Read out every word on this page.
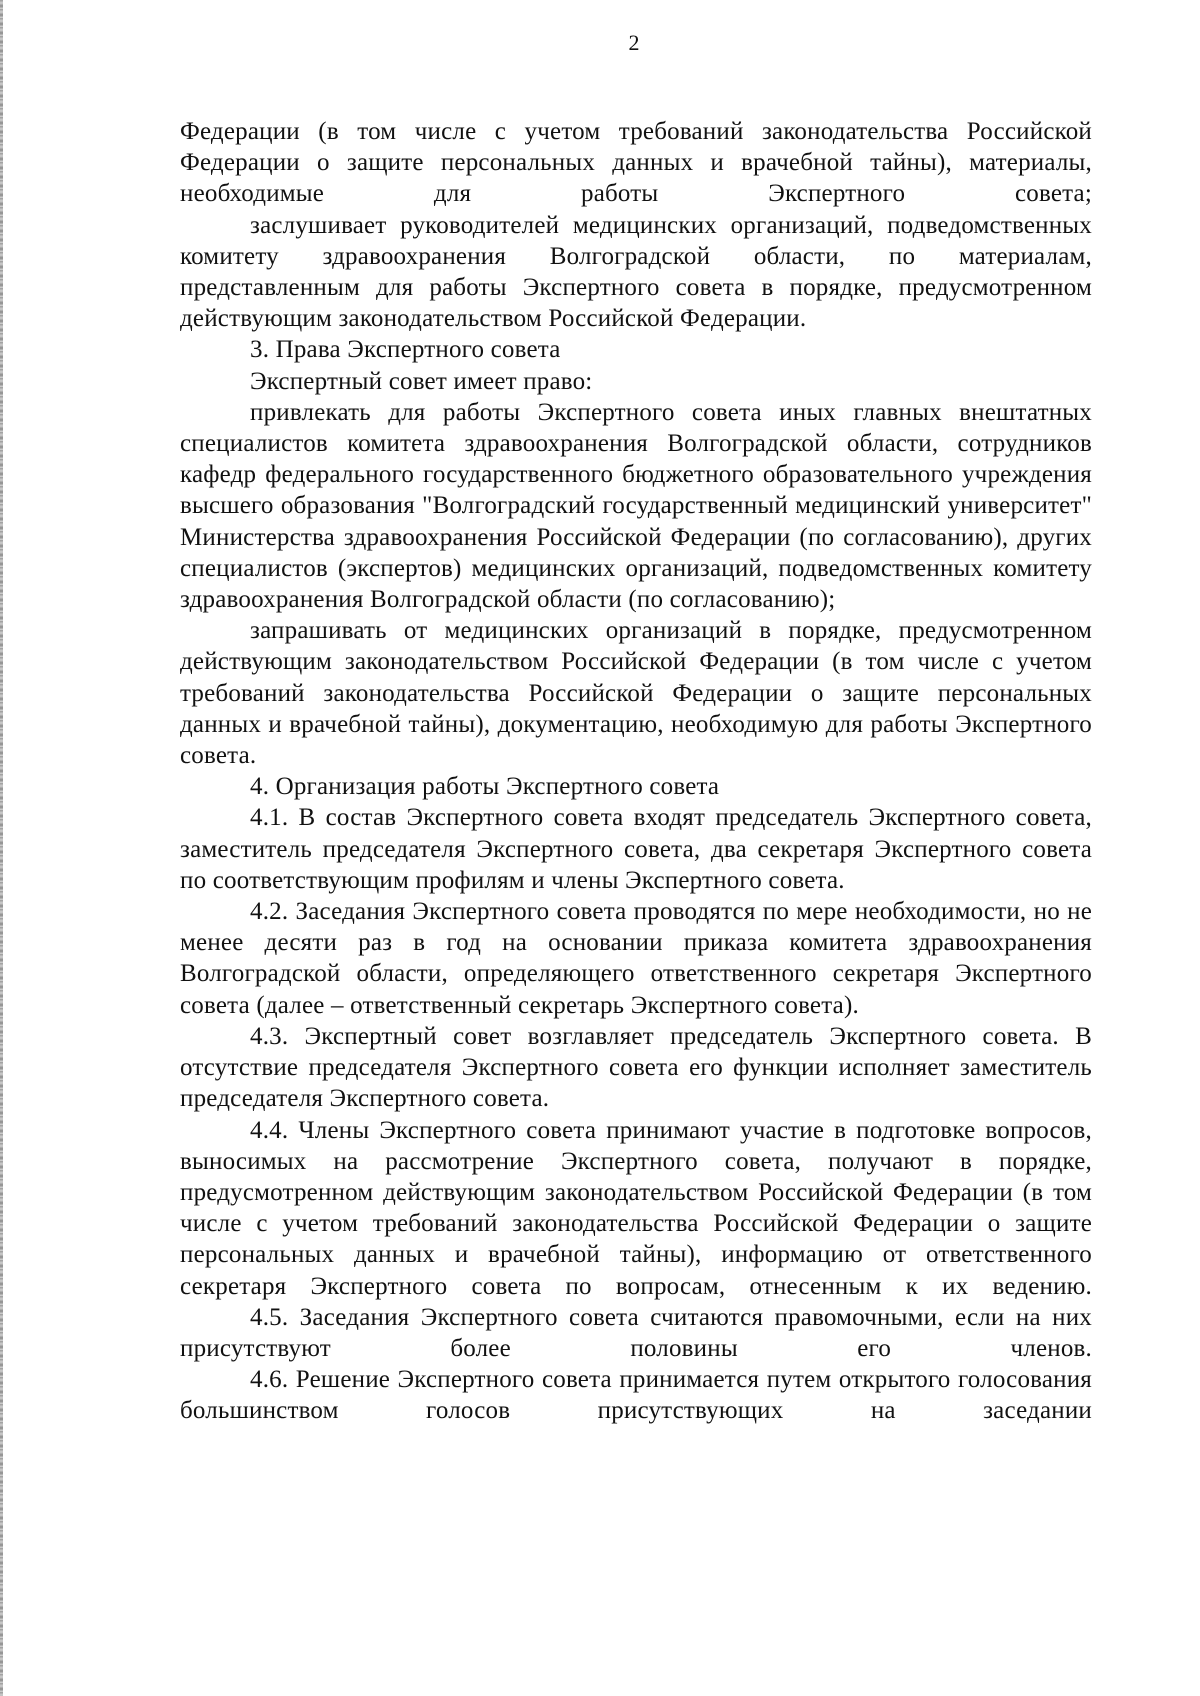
2

Федерации (в том числе с учетом требований законодательства Российской Федерации о защите персональных данных и врачебной тайны), материалы, необходимые для работы Экспертного совета;

заслушивает руководителей медицинских организаций, подведомственных комитету здравоохранения Волгоградской области, по материалам, представленным для работы Экспертного совета в порядке, предусмотренном действующим законодательством Российской Федерации.

3. Права Экспертного совета

Экспертный совет имеет право:

привлекать для работы Экспертного совета иных главных внештатных специалистов комитета здравоохранения Волгоградской области, сотрудников кафедр федерального государственного бюджетного образовательного учреждения высшего образования "Волгоградский государственный медицинский университет" Министерства здравоохранения Российской Федерации (по согласованию), других специалистов (экспертов) медицинских организаций, подведомственных комитету здравоохранения Волгоградской области (по согласованию);

запрашивать от медицинских организаций в порядке, предусмотренном действующим законодательством Российской Федерации (в том числе с учетом требований законодательства Российской Федерации о защите персональных данных и врачебной тайны), документацию, необходимую для работы Экспертного совета.

4. Организация работы Экспертного совета

4.1. В состав Экспертного совета входят председатель Экспертного совета, заместитель председателя Экспертного совета, два секретаря Экспертного совета по соответствующим профилям и члены Экспертного совета.

4.2. Заседания Экспертного совета проводятся по мере необходимости, но не менее десяти раз в год на основании приказа комитета здравоохранения Волгоградской области, определяющего ответственного секретаря Экспертного совета (далее – ответственный секретарь Экспертного совета).

4.3. Экспертный совет возглавляет председатель Экспертного совета. В отсутствие председателя Экспертного совета его функции исполняет заместитель председателя Экспертного совета.

4.4. Члены Экспертного совета принимают участие в подготовке вопросов, выносимых на рассмотрение Экспертного совета, получают в порядке, предусмотренном действующим законодательством Российской Федерации (в том числе с учетом требований законодательства Российской Федерации о защите персональных данных и врачебной тайны), информацию от ответственного секретаря Экспертного совета по вопросам, отнесенным к их ведению.

4.5. Заседания Экспертного совета считаются правомочными, если на них присутствуют более половины его членов.

4.6. Решение Экспертного совета принимается путем открытого голосования большинством голосов присутствующих на заседании
